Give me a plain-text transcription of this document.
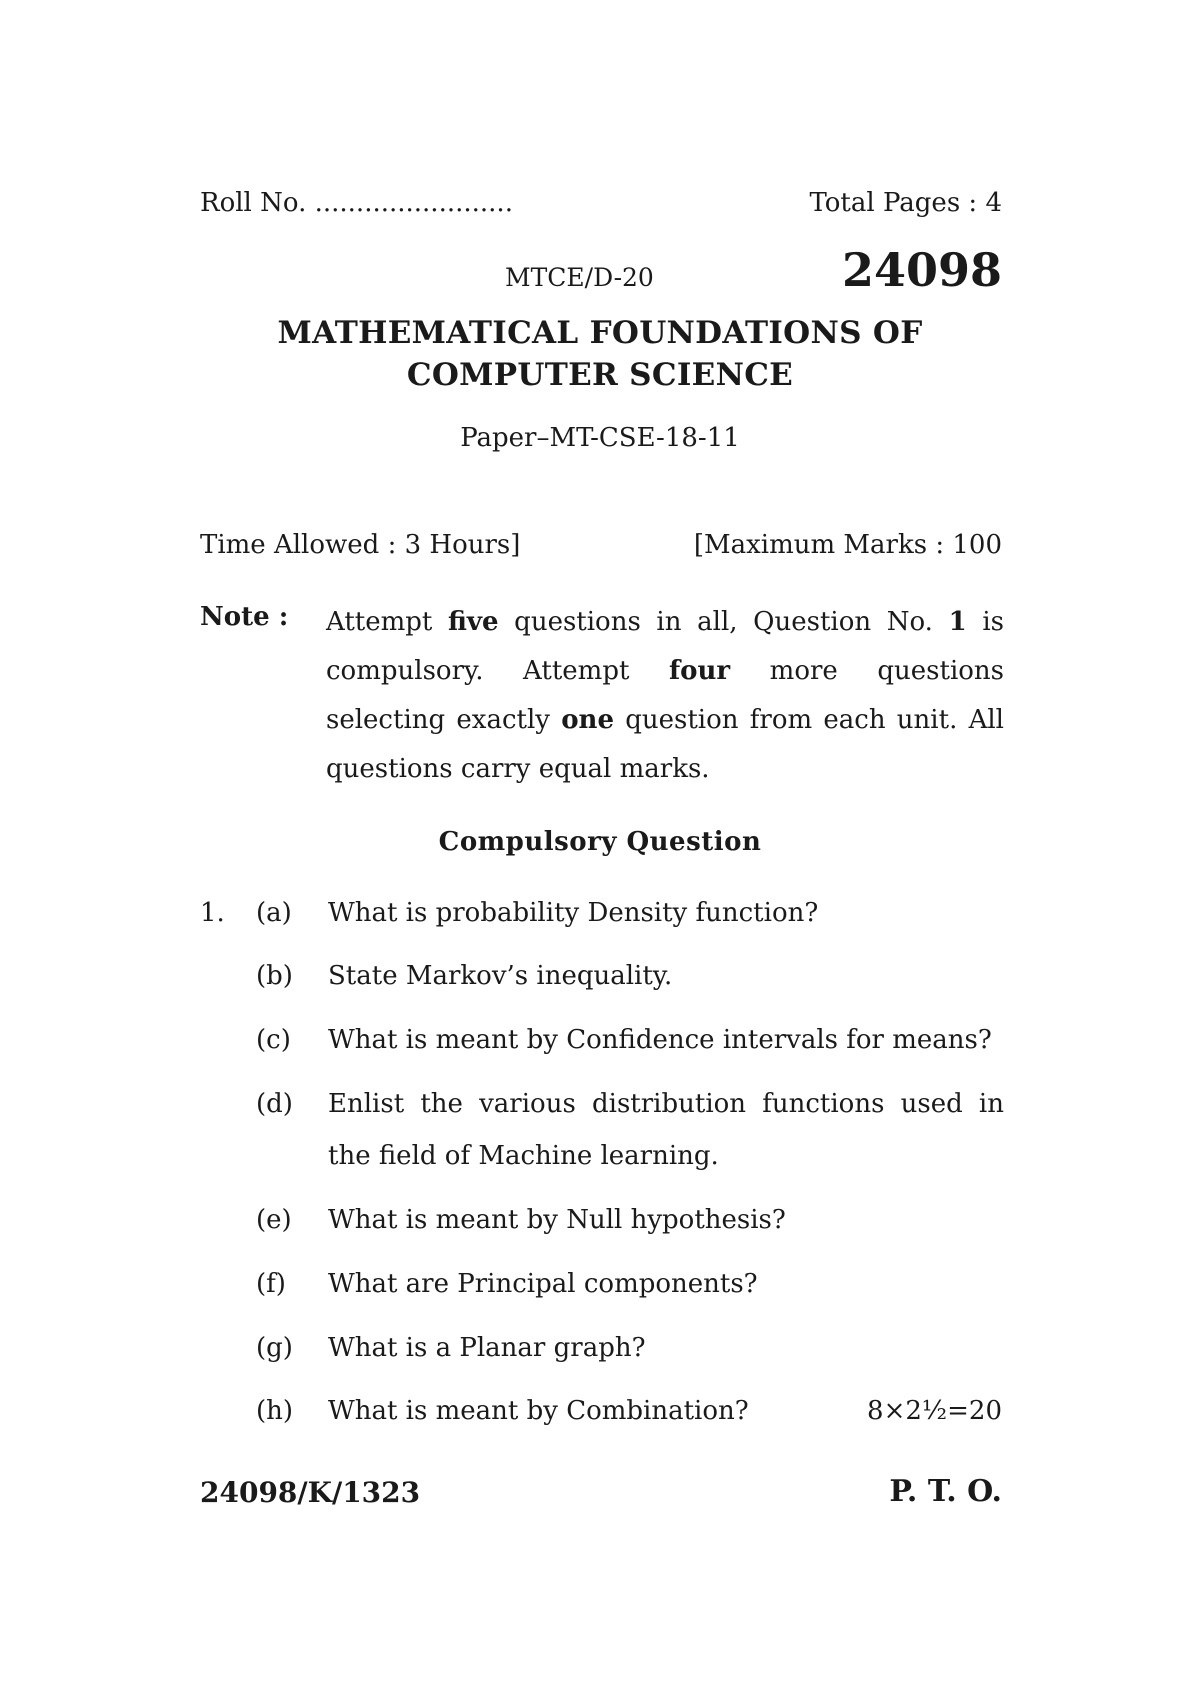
Roll No. ........................	Total Pages : 4
MTCE/D-20	24098
MATHEMATICAL FOUNDATIONS OF
COMPUTER SCIENCE
Paper–MT-CSE-18-11
Time Allowed : 3 Hours]	[Maximum Marks : 100
Note : Attempt five questions in all, Question No. 1 is compulsory. Attempt four more questions selecting exactly one question from each unit. All questions carry equal marks.
Compulsory Question
1. (a) What is probability Density function?
(b) State Markov’s inequality.
(c) What is meant by Confidence intervals for means?
(d) Enlist the various distribution functions used in the field of Machine learning.
(e) What is meant by Null hypothesis?
(f) What are Principal components?
(g) What is a Planar graph?
(h) What is meant by Combination?	8×2½=20
24098/K/1323	P. T. O.
